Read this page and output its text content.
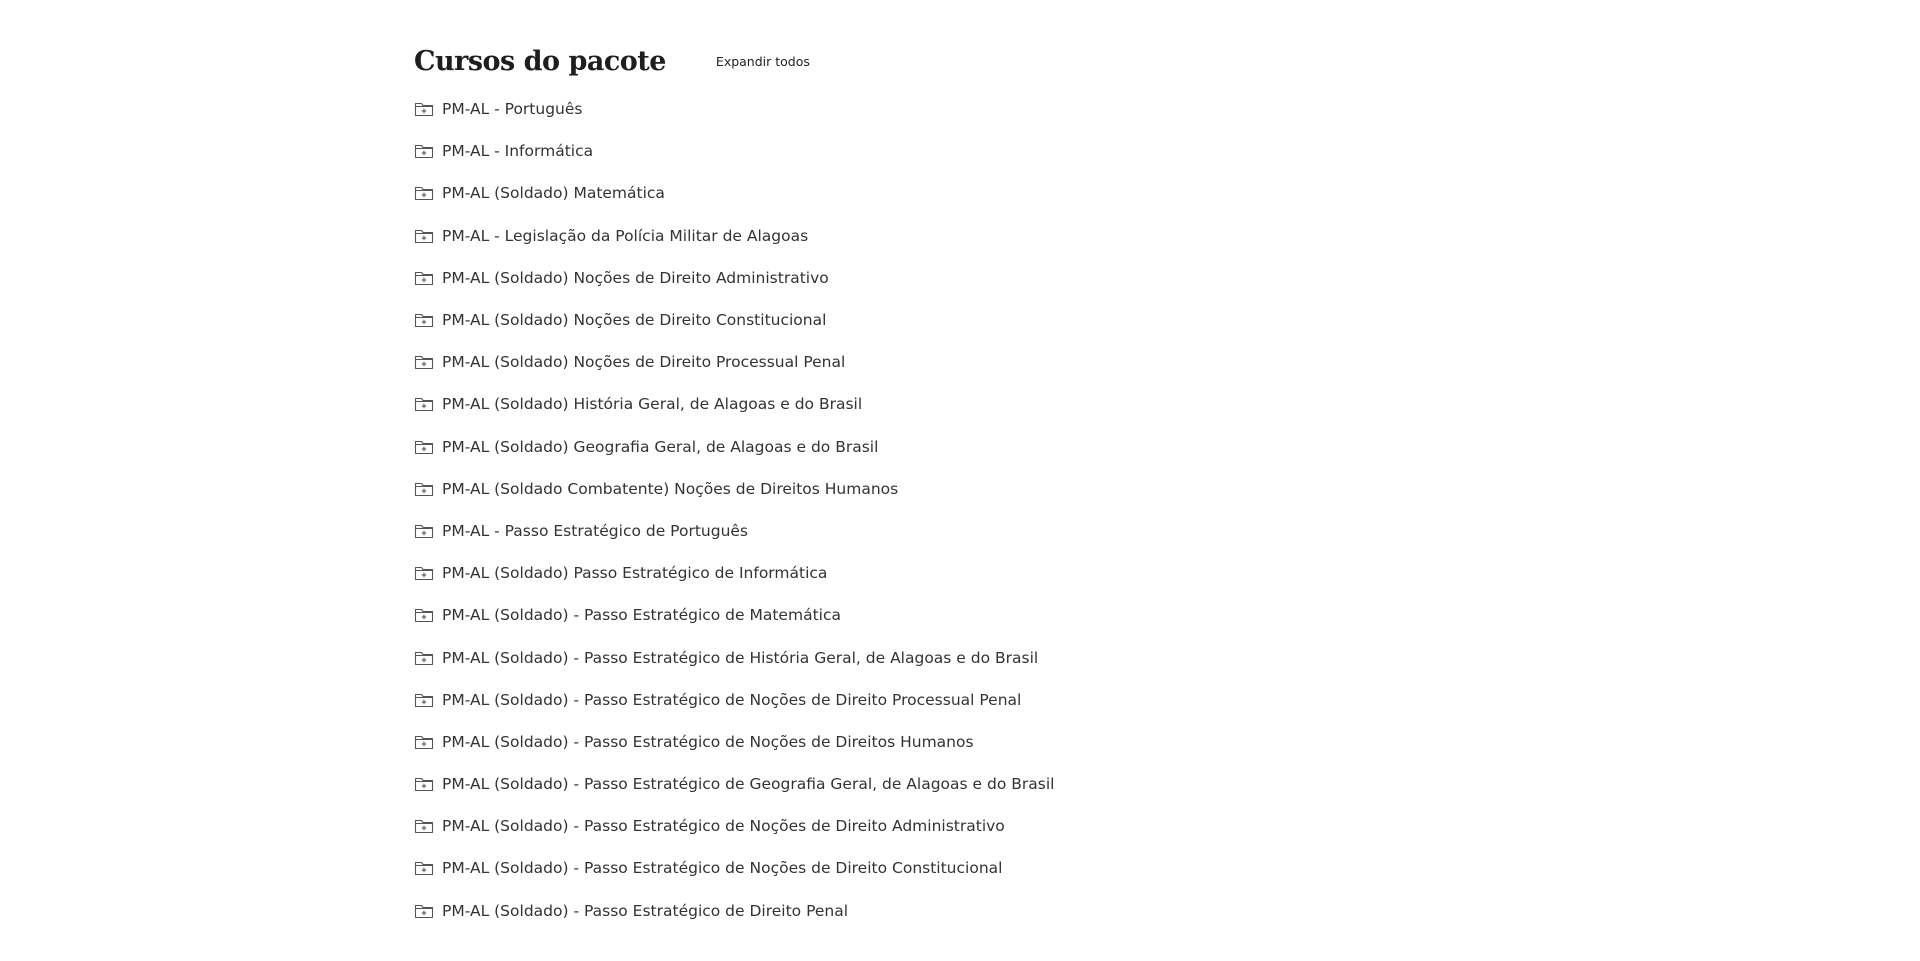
Cursos do pacote	Expandir todos
PM-AL - Português
PM-AL - Informática
PM-AL (Soldado) Matemática
PM-AL - Legislação da Polícia Militar de Alagoas
PM-AL (Soldado) Noções de Direito Administrativo
PM-AL (Soldado) Noções de Direito Constitucional
PM-AL (Soldado) Noções de Direito Processual Penal
PM-AL (Soldado) História Geral, de Alagoas e do Brasil
PM-AL (Soldado) Geografia Geral, de Alagoas e do Brasil
PM-AL (Soldado Combatente) Noções de Direitos Humanos
PM-AL - Passo Estratégico de Português
PM-AL (Soldado) Passo Estratégico de Informática
PM-AL (Soldado) - Passo Estratégico de Matemática
PM-AL (Soldado) - Passo Estratégico de História Geral, de Alagoas e do Brasil
PM-AL (Soldado) - Passo Estratégico de Noções de Direito Processual Penal
PM-AL (Soldado) - Passo Estratégico de Noções de Direitos Humanos
PM-AL (Soldado) - Passo Estratégico de Geografia Geral, de Alagoas e do Brasil
PM-AL (Soldado) - Passo Estratégico de Noções de Direito Administrativo
PM-AL (Soldado) - Passo Estratégico de Noções de Direito Constitucional
PM-AL (Soldado) - Passo Estratégico de Direito Penal
